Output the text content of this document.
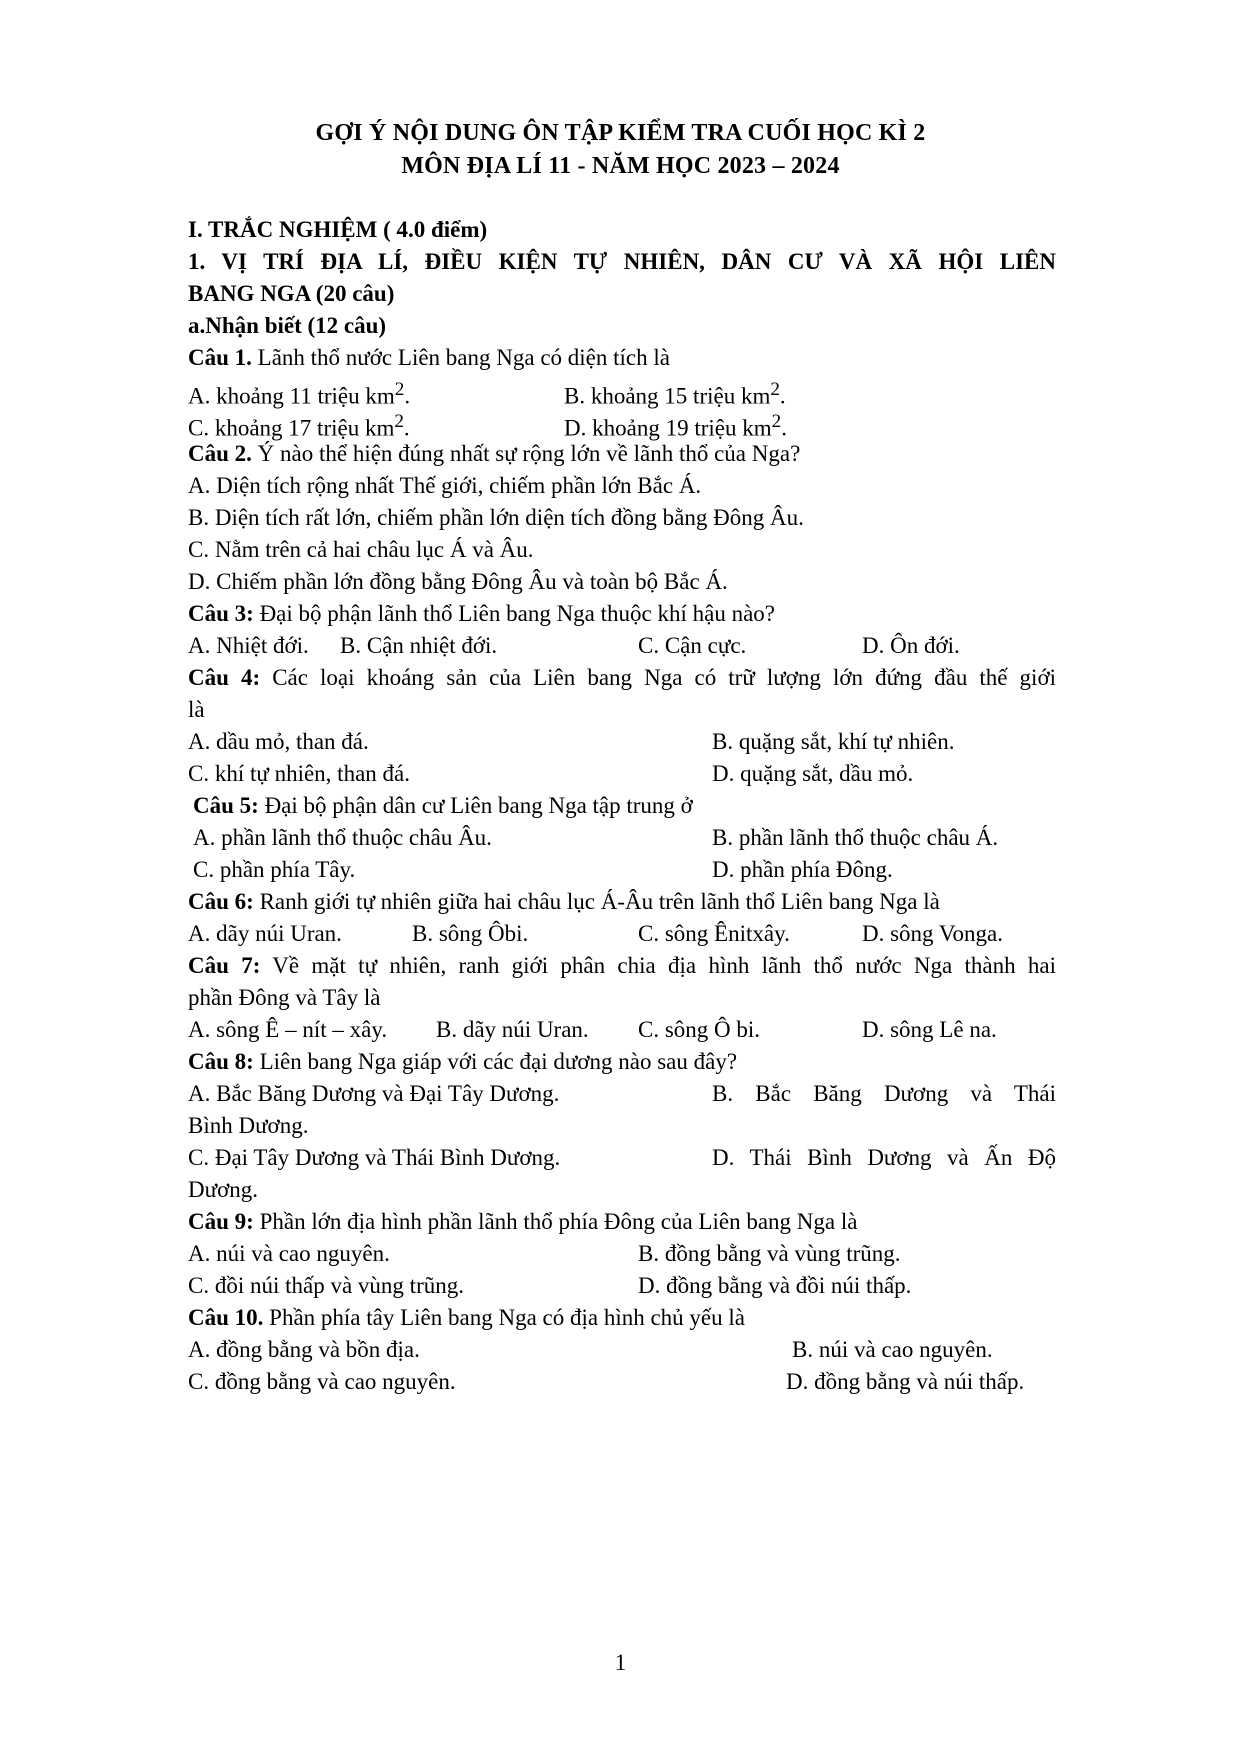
GỢI Ý NỘI DUNG ÔN TẬP KIỂM TRA CUỐI HỌC KÌ 2
MÔN ĐỊA LÍ 11 - NĂM HỌC 2023 – 2024
I. TRẮC NGHIỆM ( 4.0 điểm)
1. VỊ TRÍ ĐỊA LÍ, ĐIỀU KIỆN TỰ NHIÊN, DÂN CƯ VÀ XÃ HỘI LIÊN
BANG NGA (20 câu)
a.Nhận biết (12 câu)
Câu 1. Lãnh thổ nước Liên bang Nga có diện tích là
A. khoảng 11 triệu $km^2$.	B. khoảng 15 triệu $km^2$.
C. khoảng 17 triệu $km^2$.	D. khoảng 19 triệu $km^2$.
Câu 2. Ý nào thể hiện đúng nhất sự rộng lớn về lãnh thổ của Nga?
A. Diện tích rộng nhất Thế giới, chiếm phần lớn Bắc Á.
B. Diện tích rất lớn, chiếm phần lớn diện tích đồng bằng Đông Âu.
C. Nằm trên cả hai châu lục Á và Âu.
D. Chiếm phần lớn đồng bằng Đông Âu và toàn bộ Bắc Á.
Câu 3: Đại bộ phận lãnh thổ Liên bang Nga thuộc khí hậu nào?
A. Nhiệt đới. B. Cận nhiệt đới.	C. Cận cực.	D. Ôn đới.
Câu 4: Các loại khoáng sản của Liên bang Nga có trữ lượng lớn đứng đầu thế giới
là
A. dầu mỏ, than đá.	B. quặng sắt, khí tự nhiên.
C. khí tự nhiên, than đá.	D. quặng sắt, dầu mỏ.
Câu 5: Đại bộ phận dân cư Liên bang Nga tập trung ở
A. phần lãnh thổ thuộc châu Âu.	B. phần lãnh thổ thuộc châu Á.
C. phần phía Tây.	D. phần phía Đông.
Câu 6: Ranh giới tự nhiên giữa hai châu lục Á-Âu trên lãnh thổ Liên bang Nga là
A. dãy núi Uran.	B. sông Ôbi.	C. sông Ênitxây.	D. sông Vonga.
Câu 7: Về mặt tự nhiên, ranh giới phân chia địa hình lãnh thổ nước Nga thành hai
phần Đông và Tây là
A. sông Ê – nít – xây. B. dãy núi Uran. C. sông Ô bi.	D. sông Lê na.
Câu 8: Liên bang Nga giáp với các đại dương nào sau đây?
A. Bắc Băng Dương và Đại Tây Dương.	B. Bắc Băng Dương và Thái
Bình Dương.
C. Đại Tây Dương và Thái Bình Dương.	D. Thái Bình Dương và Ấn Độ
Dương.
Câu 9: Phần lớn địa hình phần lãnh thổ phía Đông của Liên bang Nga là
A. núi và cao nguyên.	B. đồng bằng và vùng trũng.
C. đồi núi thấp và vùng trũng.	D. đồng bằng và đồi núi thấp.
Câu 10. Phần phía tây Liên bang Nga có địa hình chủ yếu là
A. đồng bằng và bồn địa.	B. núi và cao nguyên.
C. đồng bằng và cao nguyên.	D. đồng bằng và núi thấp.
1
